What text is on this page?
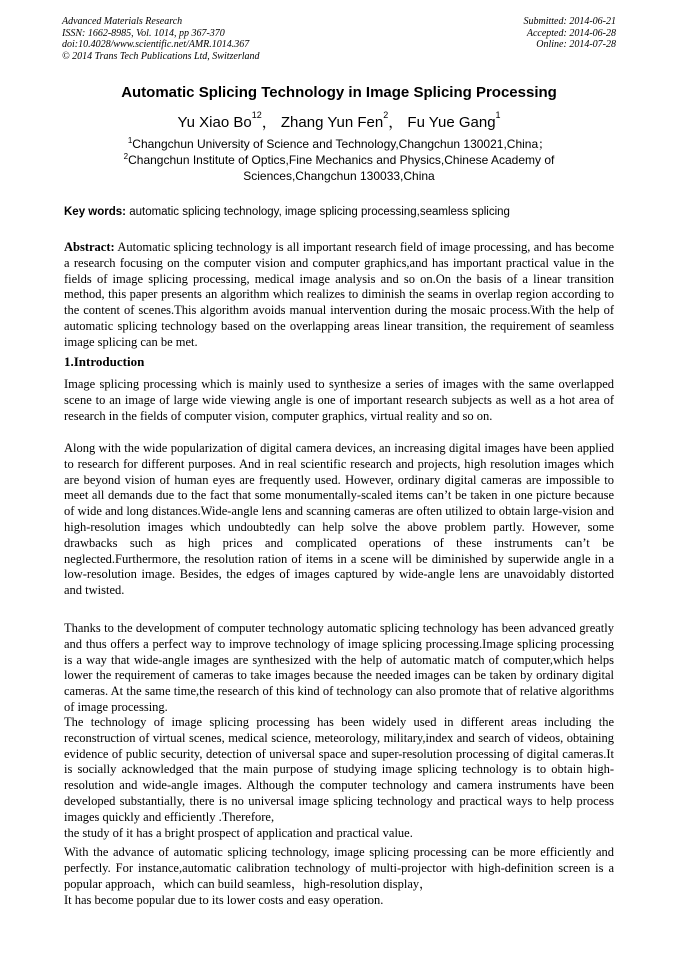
Advanced Materials Research
ISSN: 1662-8985, Vol. 1014, pp 367-370
doi:10.4028/www.scientific.net/AMR.1014.367
© 2014 Trans Tech Publications Ltd, Switzerland
Submitted: 2014-06-21
Accepted: 2014-06-28
Online: 2014-07-28
Automatic Splicing Technology in Image Splicing Processing
Yu Xiao Bo$^{12}$， Zhang Yun Fen$^2$， Fu Yue Gang$^1$
$^1$Changchun University of Science and Technology,Changchun 130021,China；
$^2$Changchun Institute of Optics,Fine Mechanics and Physics,Chinese Academy of Sciences,Changchun 130033,China
Key words: automatic splicing technology, image splicing processing,seamless splicing
Abstract: Automatic splicing technology is all important research field of image processing, and has become a research focusing on the computer vision and computer graphics,and has important practical value in the fields of image splicing processing, medical image analysis and so on.On the basis of a linear transition method, this paper presents an algorithm which realizes to diminish the seams in overlap region according to the content of scenes.This algorithm avoids manual intervention during the mosaic process.With the help of automatic splicing technology based on the overlapping areas linear transition, the requirement of seamless image splicing can be met.
1.Introduction
Image splicing processing which is mainly used to synthesize a series of images with the same overlapped scene to an image of large wide viewing angle is one of important research subjects as well as a hot area of research in the fields of computer vision, computer graphics, virtual reality and so on.
Along with the wide popularization of digital camera devices, an increasing digital images have been applied to research for different purposes. And in real scientific research and projects, high resolution images which are beyond vision of human eyes are frequently used. However, ordinary digital cameras are impossible to meet all demands due to the fact that some monumentally-scaled items can’t be taken in one picture because of wide and long distances.Wide-angle lens and scanning cameras are often utilized to obtain large-vision and high-resolution images which undoubtedly can help solve the above problem partly. However, some drawbacks such as high prices and complicated operations of these instruments can’t be neglected.Furthermore, the resolution ration of items in a scene will be diminished by superwide angle in a low-resolution image. Besides, the edges of images captured by wide-angle lens are unavoidably distorted and twisted.
Thanks to the development of computer technology automatic splicing technology has been advanced greatly and thus offers a perfect way to improve technology of image splicing processing.Image splicing processing is a way that wide-angle images are synthesized with the help of automatic match of computer,which helps lower the requirement of cameras to take images because the needed images can be taken by ordinary digital cameras. At the same time,the research of this kind of technology can also promote that of relative algorithms of image processing.
The technology of image splicing processing has been widely used in different areas including the reconstruction of virtual scenes, medical science, meteorology, military,index and search of videos, obtaining evidence of public security, detection of universal space and super-resolution processing of digital cameras.It is socially acknowledged that the main purpose of studying image splicing technology is to obtain high-resolution and wide-angle images. Although the computer technology and camera instruments have been developed substantially, there is no universal image splicing technology and practical ways to help process images quickly and efficiently .Therefore,
the study of it has a bright prospect of application and practical value.
With the advance of automatic splicing technology, image splicing processing can be more efficiently and perfectly. For instance,automatic calibration technology of multi-projector with high-definition screen is a popular approach，which can build seamless，high-resolution display，
It has become popular due to its lower costs and easy operation.
